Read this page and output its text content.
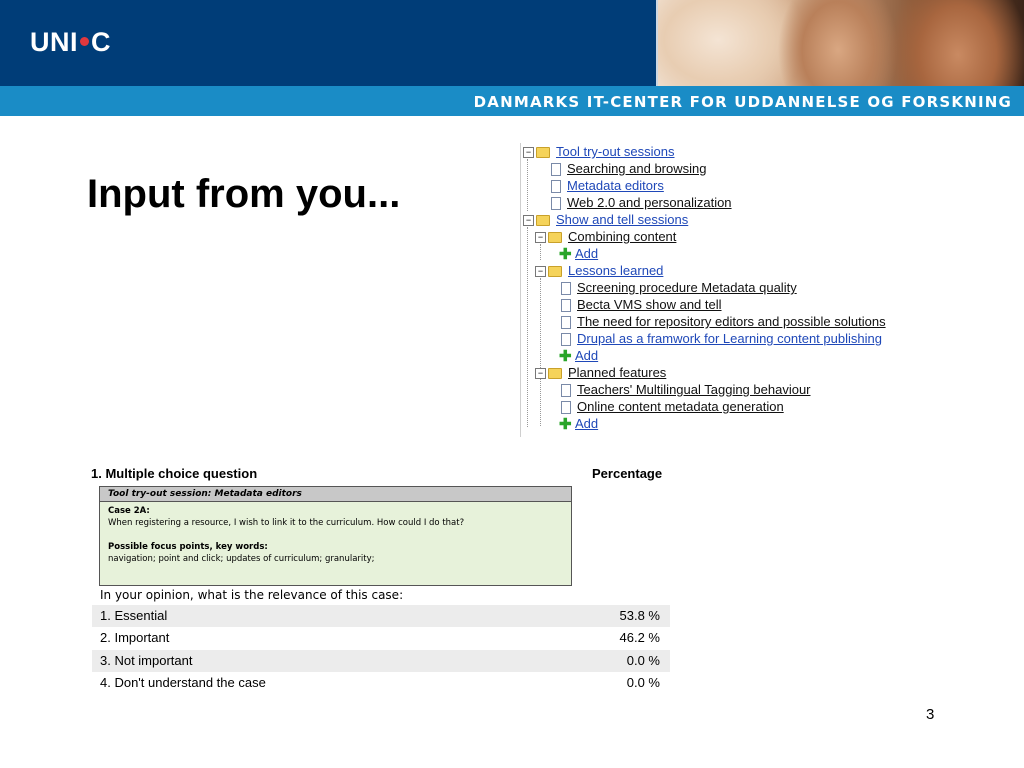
UNI C
DANMARKS IT-CENTER FOR UDDANNELSE OG FORSKNING
Input from you...
− Tool try-out sessions
Searching and browsing
Metadata editors
Web 2.0 and personalization
− Show and tell sessions
− Combining content
✚ Add
− Lessons learned
Screening procedure Metadata quality
Becta VMS show and tell
The need for repository editors and possible solutions
Drupal as a framwork for Learning content publishing
✚ Add
− Planned features
Teachers' Multilingual Tagging behaviour
Online content metadata generation
✚ Add
1. Multiple choice question	Percentage
Tool try-out session: Metadata editors
Case 2A:
When registering a resource, I wish to link it to the curriculum. How could I do that?
Possible focus points, key words:
navigation; point and click; updates of curriculum; granularity;
In your opinion, what is the relevance of this case:
1. Essential	53.8 %
2. Important	46.2 %
3. Not important	0.0 %
4. Don't understand the case	0.0 %
3
